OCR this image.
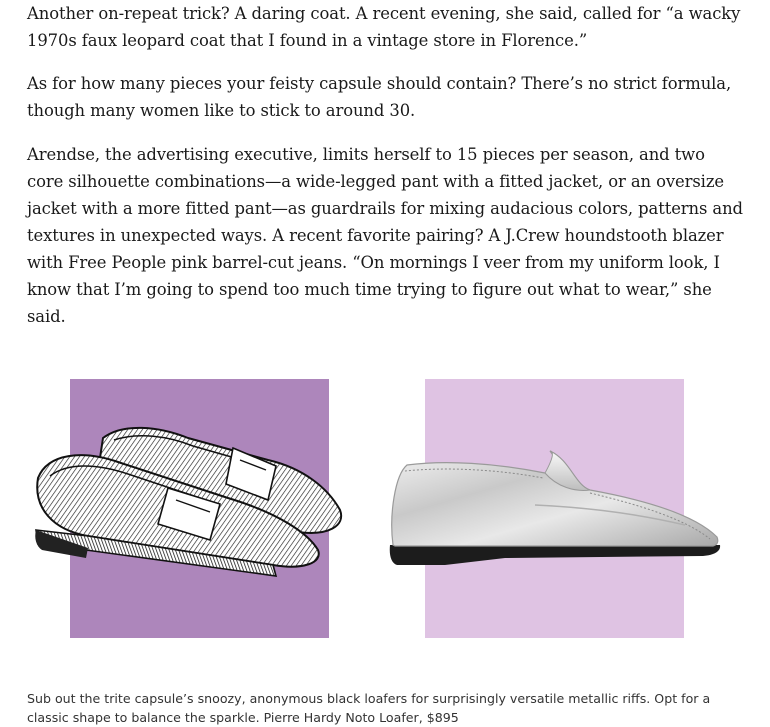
Another on-repeat trick? A daring coat. A recent evening, she said, called for “a wacky 1970s faux leopard coat that I found in a vintage store in Florence.”

As for how many pieces your feisty capsule should contain? There’s no strict formula, though many women like to stick to around 30.

Arendse, the advertising executive, limits herself to 15 pieces per season, and two core silhouette combinations—a wide-legged pant with a fitted jacket, or an oversize jacket with a more fitted pant—as guardrails for mixing audacious colors, patterns and textures in unexpected ways. A recent favorite pairing? A J.Crew houndstooth blazer with Free People pink barrel-cut jeans. “On mornings I veer from my uniform look, I know that I’m going to spend too much time trying to figure out what to wear,” she said.

Sub out the trite capsule’s snoozy, anonymous black loafers for surprisingly versatile metallic riffs. Opt for a classic shape to balance the sparkle. Pierre Hardy Noto Loafer, $895
